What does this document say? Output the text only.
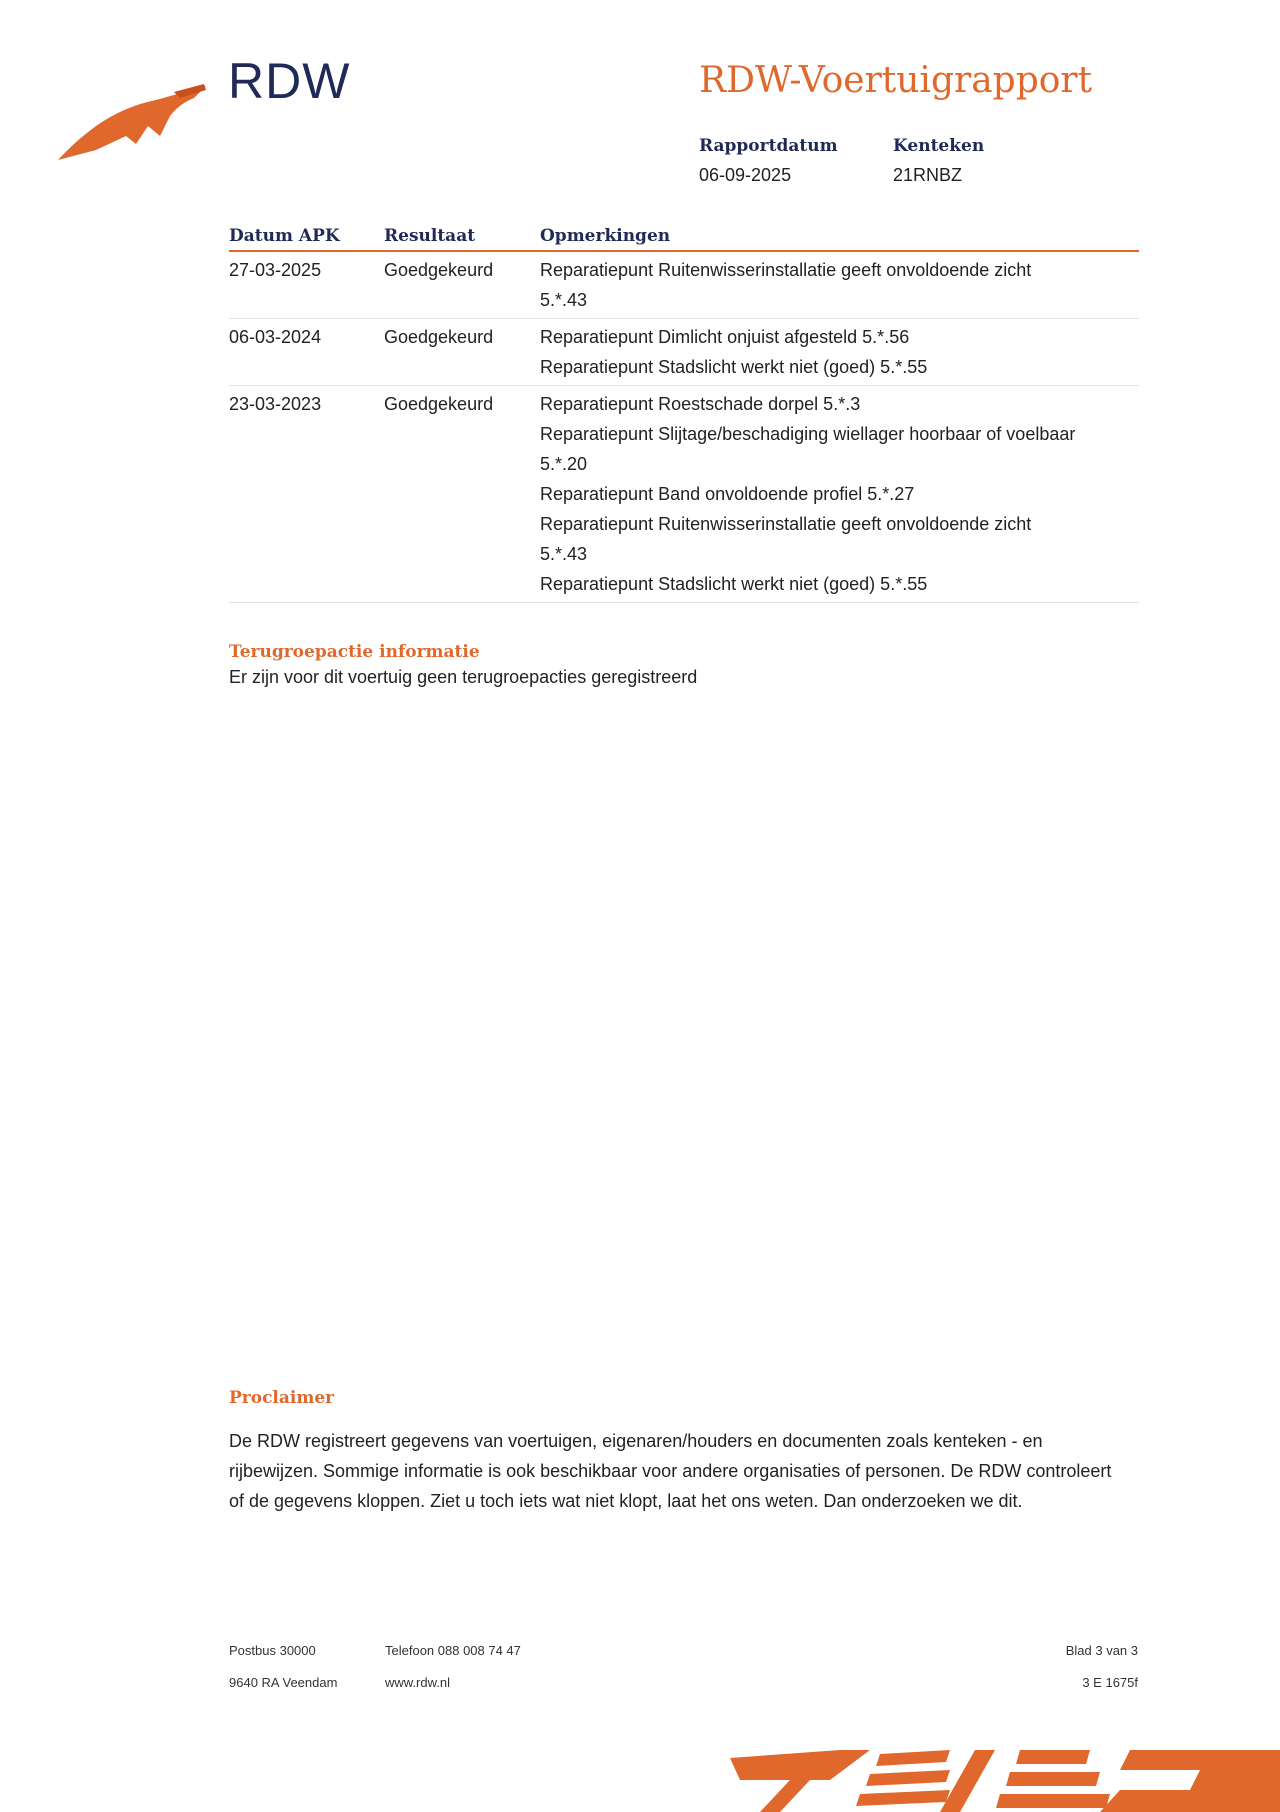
RDW	RDW-Voertuigrapport
Rapportdatum
06-09-2025
Kenteken
21RNBZ
Datum APK	Resultaat	Opmerkingen
27-03-2025	Goedgekeurd	Reparatiepunt Ruitenwisserinstallatie geeft onvoldoende zicht
5.*.43
06-03-2024	Goedgekeurd	Reparatiepunt Dimlicht onjuist afgesteld 5.*.56
Reparatiepunt Stadslicht werkt niet (goed) 5.*.55
23-03-2023	Goedgekeurd	Reparatiepunt Roestschade dorpel 5.*.3
Reparatiepunt Slijtage/beschadiging wiellager hoorbaar of voelbaar
5.*.20
Reparatiepunt Band onvoldoende profiel 5.*.27
Reparatiepunt Ruitenwisserinstallatie geeft onvoldoende zicht
5.*.43
Reparatiepunt Stadslicht werkt niet (goed) 5.*.55
Terugroepactie informatie
Er zijn voor dit voertuig geen terugroepacties geregistreerd
Proclaimer
De RDW registreert gegevens van voertuigen, eigenaren/houders en documenten zoals kenteken - en rijbewijzen. Sommige informatie is ook beschikbaar voor andere organisaties of personen. De RDW controleert of de gegevens kloppen. Ziet u toch iets wat niet klopt, laat het ons weten. Dan onderzoeken we dit.
Postbus 30000
9640 RA Veendam
Telefoon 088 008 74 47
www.rdw.nl
Blad 3 van 3
3 E 1675f
